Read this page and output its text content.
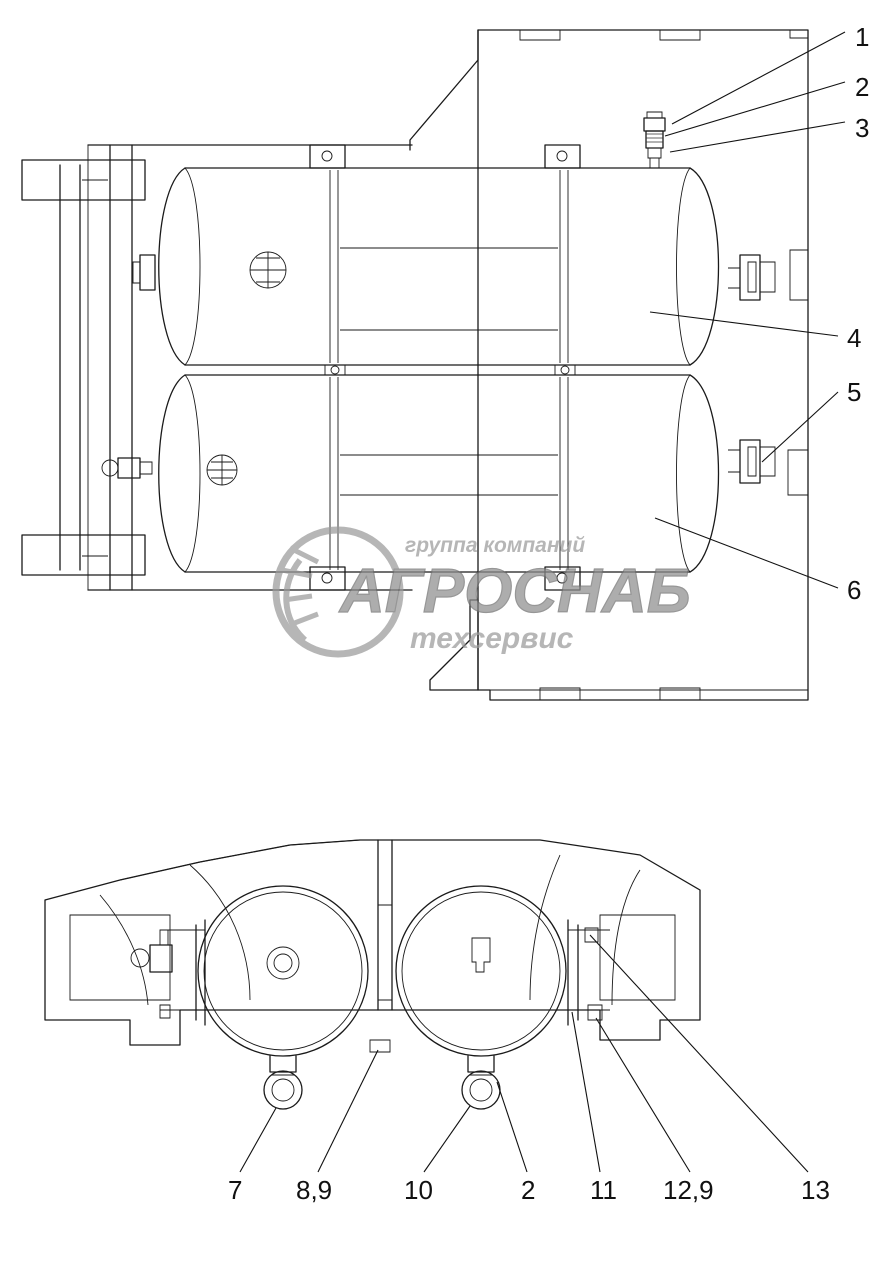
группа компаний
АГРОСНАБ
техсервис
1
2
3
4
5
6
7 8,9	10	2 11 12,9	13
